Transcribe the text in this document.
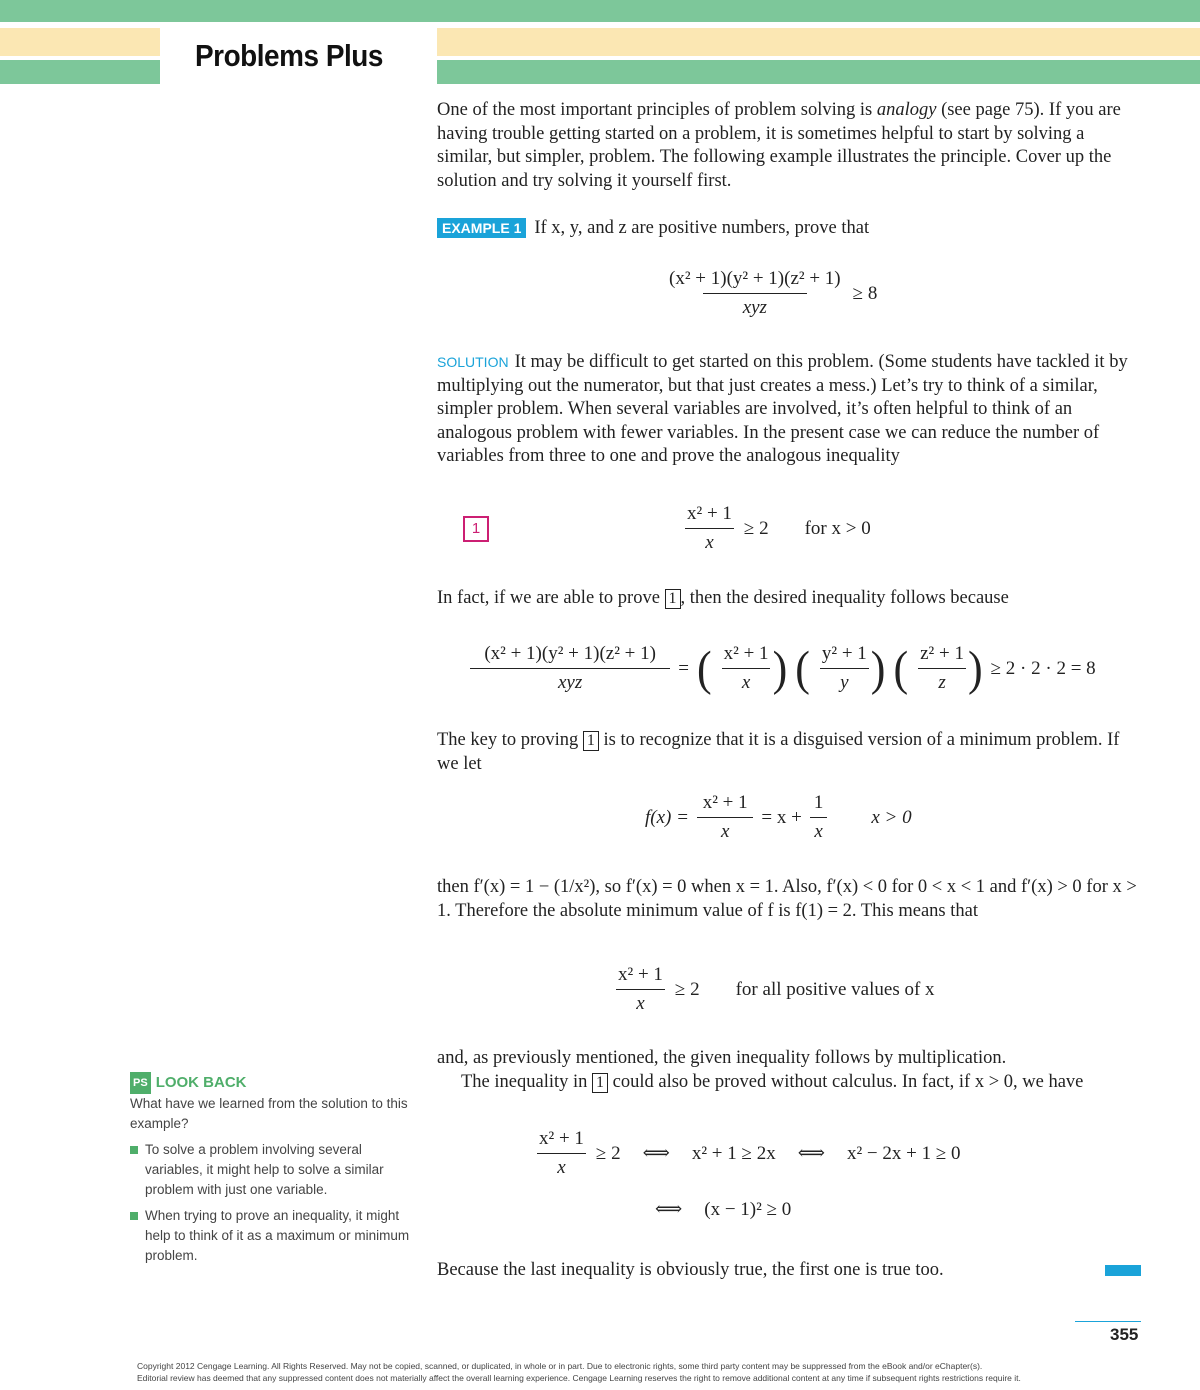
Problems Plus
One of the most important principles of problem solving is analogy (see page 75). If you are having trouble getting started on a problem, it is sometimes helpful to start by solving a similar, but simpler, problem. The following example illustrates the principle. Cover up the solution and try solving it yourself first.
EXAMPLE 1 If x, y, and z are positive numbers, prove that
$\frac{\text{(x² + 1)(y² + 1)(z² + 1)}}{\text{xyz}} \ge 8$
SOLUTION It may be difficult to get started on this problem. (Some students have tackled it by multiplying out the numerator, but that just creates a mess.) Let’s try to think of a similar, simpler problem. When several variables are involved, it’s often helpful to think of an analogous problem with fewer variables. In the present case we can reduce the number of variables from three to one and prove the analogous inequality
1	$\frac{\text{x² + 1}}{x} \ge 2$ for x > 0
In fact, if we are able to prove 1 , then the desired inequality follows because
$\frac{\text{(x² + 1)(y² + 1)(z² + 1)}}{\text{xyz}}$ = ( $\frac{\text{x² + 1}}{x}$ ) ( $\frac{\text{y² + 1}}{y}$ ) ( $\frac{\text{z² + 1}}{z}$ ) ≥ 2 · 2 · 2 = 8
The key to proving 1 is to recognize that it is a disguised version of a minimum problem. If we let
$f(x) = \frac{\text{x² + 1}}{x} = x + \frac{1}{x}$ x > 0
then f′(x) = 1 − (1/x²), so f′(x) = 0 when x = 1. Also, f′(x) < 0 for 0 < x < 1 and f′(x) > 0 for x > 1. Therefore the absolute minimum value of f is f(1) = 2. This means that
$\frac{\text{x² + 1}}{x} \ge 2$ for all positive values of x
and, as previously mentioned, the given inequality follows by multiplication.
The inequality in 1 could also be proved without calculus. In fact, if x > 0, we have
$\frac{\text{x² + 1}}{x} \ge 2$ ⟺ x² + 1 ≥ 2x ⟺ x² − 2x + 1 ≥ 0
⟺ (x − 1)² ≥ 0
Because the last inequality is obviously true, the first one is true too.
PS LOOK BACK
What have we learned from the solution to this example?
To solve a problem involving several variables, it might help to solve a similar problem with just one variable.
When trying to prove an inequality, it might help to think of it as a maximum or minimum problem.
355
Copyright 2012 Cengage Learning. All Rights Reserved. May not be copied, scanned, or duplicated, in whole or in part. Due to electronic rights, some third party content may be suppressed from the eBook and/or eChapter(s).
Editorial review has deemed that any suppressed content does not materially affect the overall learning experience. Cengage Learning reserves the right to remove additional content at any time if subsequent rights restrictions require it.
